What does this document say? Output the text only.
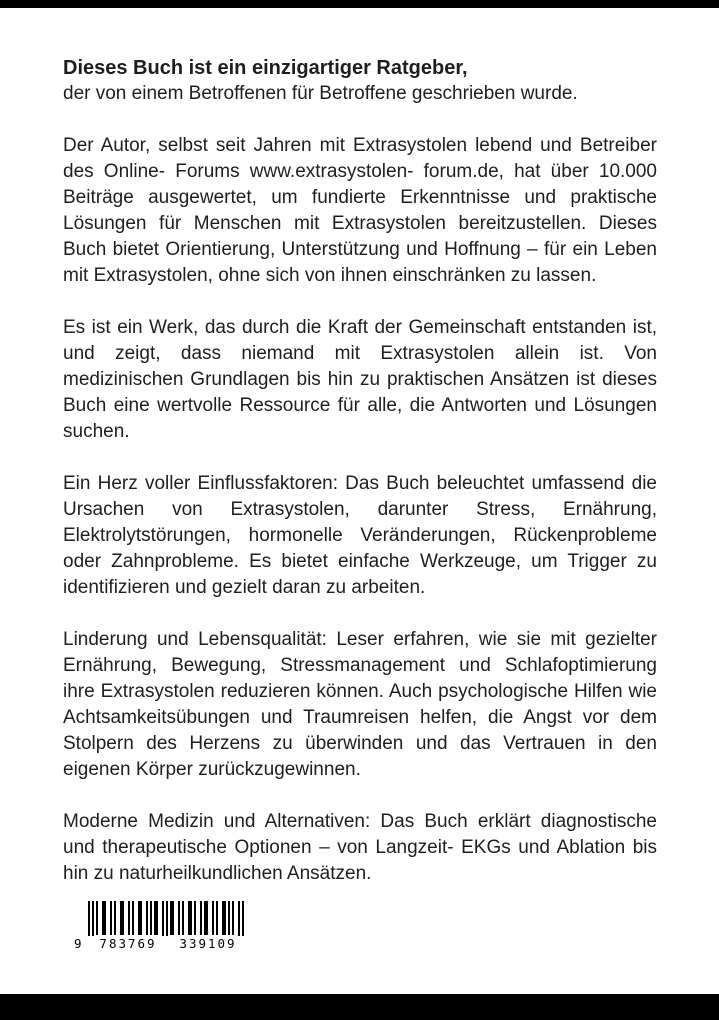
Dieses Buch ist ein einzigartiger Ratgeber,

der von einem Betroffenen für Betroffene geschrieben wurde.

Der Autor, selbst seit Jahren mit Extrasystolen lebend und Betreiber des Online- Forums www.extrasystolen- forum.de, hat über 10.000 Beiträge ausgewertet, um fundierte Erkenntnisse und praktische Lösungen für Menschen mit Extrasystolen bereitzustellen. Dieses Buch bietet Orientierung, Unterstützung und Hoffnung – für ein Leben mit Extrasystolen, ohne sich von ihnen einschränken zu lassen.

Es ist ein Werk, das durch die Kraft der Gemeinschaft entstanden ist, und zeigt, dass niemand mit Extrasystolen allein ist. Von medizinischen Grundlagen bis hin zu praktischen Ansätzen ist dieses Buch eine wertvolle Ressource für alle, die Antworten und Lösungen suchen.

Ein Herz voller Einflussfaktoren: Das Buch beleuchtet umfassend die Ursachen von Extrasystolen, darunter Stress, Ernährung, Elektrolytstörungen, hormonelle Veränderungen, Rückenprobleme oder Zahnprobleme. Es bietet einfache Werkzeuge, um Trigger zu identifizieren und gezielt daran zu arbeiten.

Linderung und Lebensqualität: Leser erfahren, wie sie mit gezielter Ernährung, Bewegung, Stressmanagement und Schlafoptimierung ihre Extrasystolen reduzieren können. Auch psychologische Hilfen wie Achtsamkeitsübungen und Traumreisen helfen, die Angst vor dem Stolpern des Herzens zu überwinden und das Vertrauen in den eigenen Körper zurückzugewinnen.

Moderne Medizin und Alternativen: Das Buch erklärt diagnostische und therapeutische Optionen – von Langzeit- EKGs und Ablation bis hin zu naturheilkundlichen Ansätzen.

9	783769	339109
